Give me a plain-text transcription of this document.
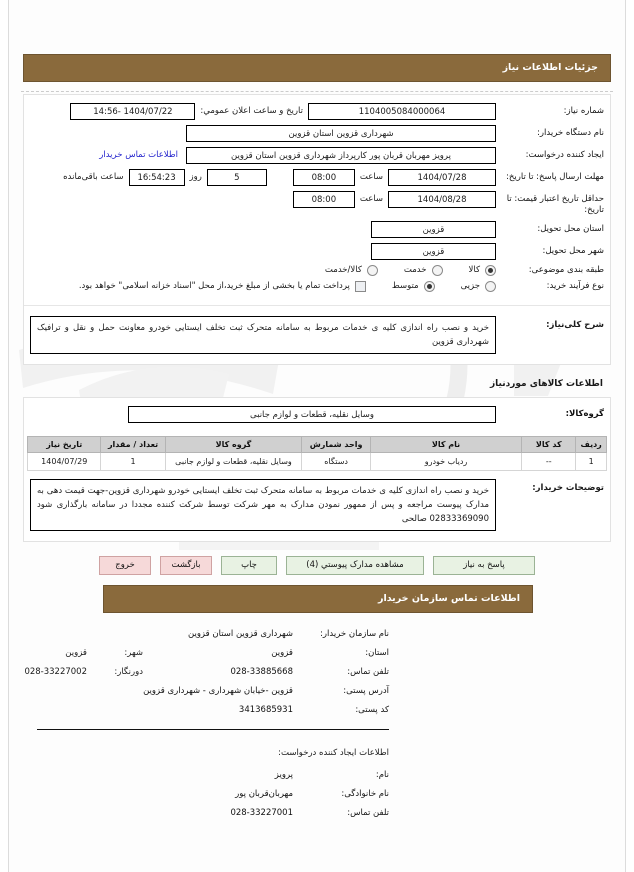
جزئیات اطلاعات نیاز
شماره نیاز:
1104005084000064
تاریخ و ساعت اعلان عمومي:
1404/07/22 -14:56
نام دستگاه خریدار:
شهرداری قزوین استان قزوین
ایجاد کننده درخواست:
پرویز مهربان قربان پور کارپرداز شهرداری قزوین استان قزوین
اطلاعات تماس خریدار
مهلت ارسال پاسخ: تا تاریخ:
1404/07/28
ساعت
08:00
5
روز
16:54:23
ساعت باقی‌مانده
حداقل تاریخ اعتبار قیمت: تا تاریخ:
1404/08/28
ساعت
08:00
استان محل تحویل:
قزوین
شهر محل تحویل:
قزوین
طبقه بندی موضوعی:
کالا
خدمت
کالا/خدمت
نوع فرآیند خرید:
جزیی
متوسط
پرداخت تمام یا بخشی از مبلغ خرید،از محل "اسناد خزانه اسلامی" خواهد بود.
شرح کلی‌نیاز:
خرید و نصب راه اندازی کلیه ی خدمات مربوط به سامانه متحرک ثبت تخلف ایستایی خودرو معاونت حمل و نقل و ترافیک شهرداری قزوین
اطلاعات کالاهای موردنیاز
گروه‌کالا:
وسایل نقلیه، قطعات و لوازم جانبی
ردیف	کد کالا	نام کالا	واحد شمارش	گروه کالا	تعداد / مقدار	تاریخ نیاز
1	--	ردیاب خودرو	دستگاه	وسایل نقلیه، قطعات و لوازم جانبی	1	1404/07/29
توضیحات خریدار:
خرید و نصب راه اندازی کلیه ی خدمات مربوط به سامانه متحرک ثبت تخلف ایستایی خودرو شهرداری قزوین-جهت قیمت دهی به مدارک پیوست مراجعه و پس از ممهور نمودن مدارک به مهر شرکت توسط شرکت کننده مجددا در سامانه بارگذاری شود 02833369090 صالحی
پاسخ به نیاز
مشاهده مدارک پیوستي (4)
چاپ
بازگشت
خروج
اطلاعات تماس سازمان خریدار
نام سازمان خریدار:
شهرداری قزوین استان قزوین
استان:
قزوین
شهر:
قزوین
تلفن تماس:
028-33885668
دورنگار:
028-33227002
آدرس پستی:
قزوین -خیابان شهرداری - شهرداری قزوین
کد پستی:
3413685931
اطلاعات ایجاد کننده درخواست:
نام:
پرویز
نام خانوادگی:
مهربان‌قربان پور
تلفن تماس:
028-33227001
